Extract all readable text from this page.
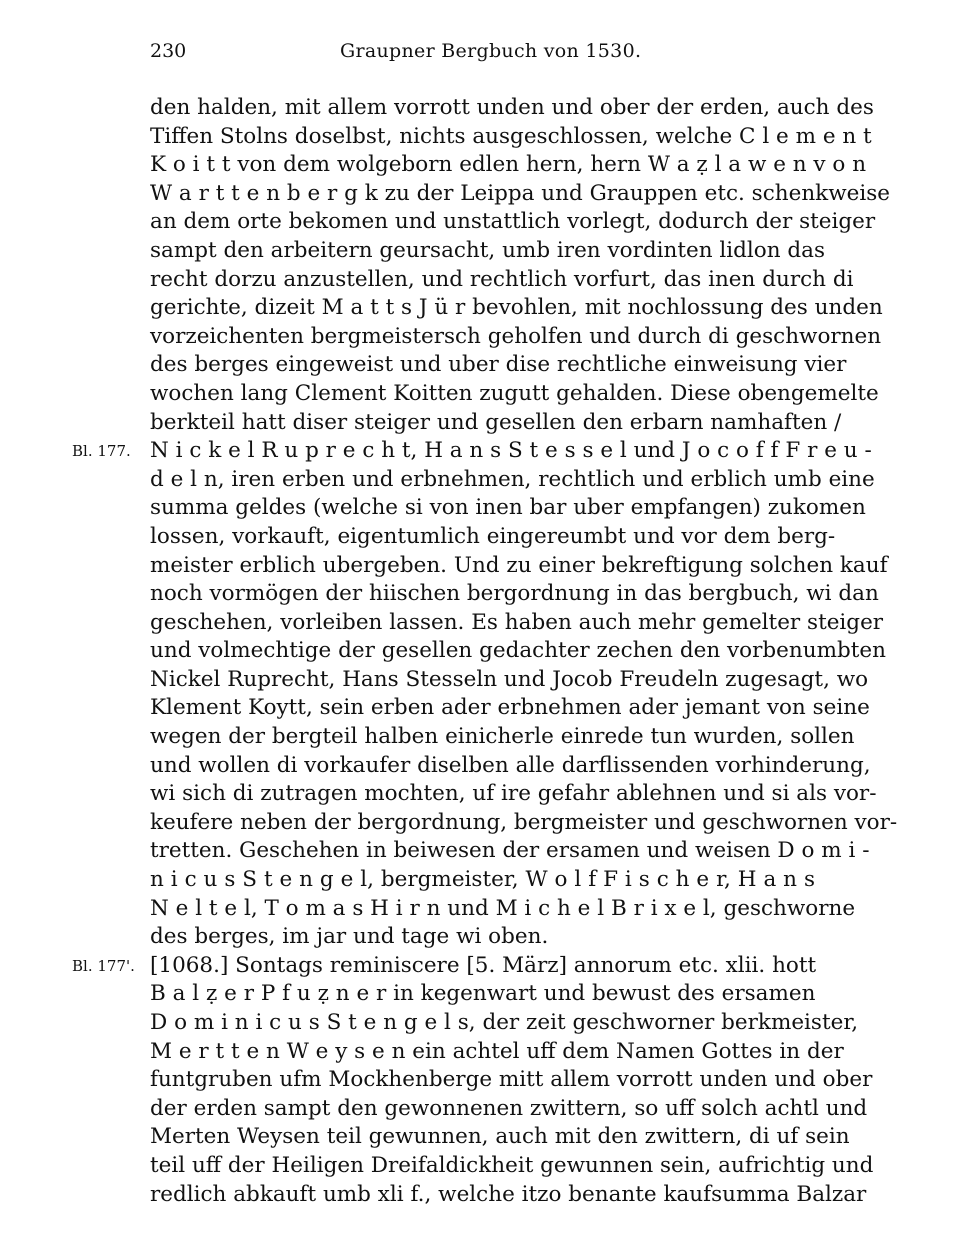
230	Graupner Bergbuch von 1530.
den halden, mit allem vorrott unden und ober der erden, auch des
Tiffen Stolns doselbst, nichts ausgeschlossen, welche C l e m e n t
K o i t t von dem wolgeborn edlen hern, hern W a ẓ l a w e n v o n
W a r t t e n b e r g k zu der Leippa und Grauppen etc. schenkweise
an dem orte bekomen und unstattlich vorlegt, dodurch der steiger
sampt den arbeitern geursacht, umb iren vordinten lidlon das
recht dorzu anzustellen, und rechtlich vorfurt, das inen durch di
gerichte, dizeit M a t t s J ü r bevohlen, mit nochlossung des unden
vorzeichenten bergmeistersch geholfen und durch di geschwornen
des berges eingeweist und uber dise rechtliche einweisung vier
wochen lang Clement Koitten zugutt gehalden. Diese obengemelte
berkteil hatt diser steiger und gesellen den erbarn namhaften /
N i c k e l R u p r e c h t, H a n s S t e s s e l und J o c o f f F r e u -
Bl. 177.
d e l n, iren erben und erbnehmen, rechtlich und erblich umb eine
summa geldes (welche si von inen bar uber empfangen) zukomen
lossen, vorkauft, eigentumlich eingereumbt und vor dem berg-
meister erblich ubergeben. Und zu einer bekreftigung solchen kauf
noch vormögen der hiischen bergordnung in das bergbuch, wi dan
geschehen, vorleiben lassen. Es haben auch mehr gemelter steiger
und volmechtige der gesellen gedachter zechen den vorbenumbten
Nickel Ruprecht, Hans Stesseln und Jocob Freudeln zugesagt, wo
Klement Koytt, sein erben ader erbnehmen ader jemant von seine
wegen der bergteil halben einicherle einrede tun wurden, sollen
und wollen di vorkaufer diselben alle darflissenden vorhinderung,
wi sich di zutragen mochten, uf ire gefahr ablehnen und si als vor-
keufere neben der bergordnung, bergmeister und geschwornen vor-
tretten. Geschehen in beiwesen der ersamen und weisen D o m i -
n i c u s S t e n g e l, bergmeister, W o l f F i s c h e r, H a n s
N e l t e l, T o m a s H i r n und M i c h e l B r i x e l, geschworne
des berges, im jar und tage wi oben.
[1068.] Sontags reminiscere [5. März] annorum etc. xlii. hott
Bl. 177'.
B a l ẓ e r P f u ẓ n e r in kegenwart und bewust des ersamen
D o m i n i c u s S t e n g e l s, der zeit geschworner berkmeister,
M e r t t e n W e y s e n ein achtel uff dem Namen Gottes in der
funtgruben ufm Mockhenberge mitt allem vorrott unden und ober
der erden sampt den gewonnenen zwittern, so uff solch achtl und
Merten Weysen teil gewunnen, auch mit den zwittern, di uf sein
teil uff der Heiligen Dreifaldickheit gewunnen sein, aufrichtig und
redlich abkauft umb xli f., welche itzo benante kaufsumma Balzar
